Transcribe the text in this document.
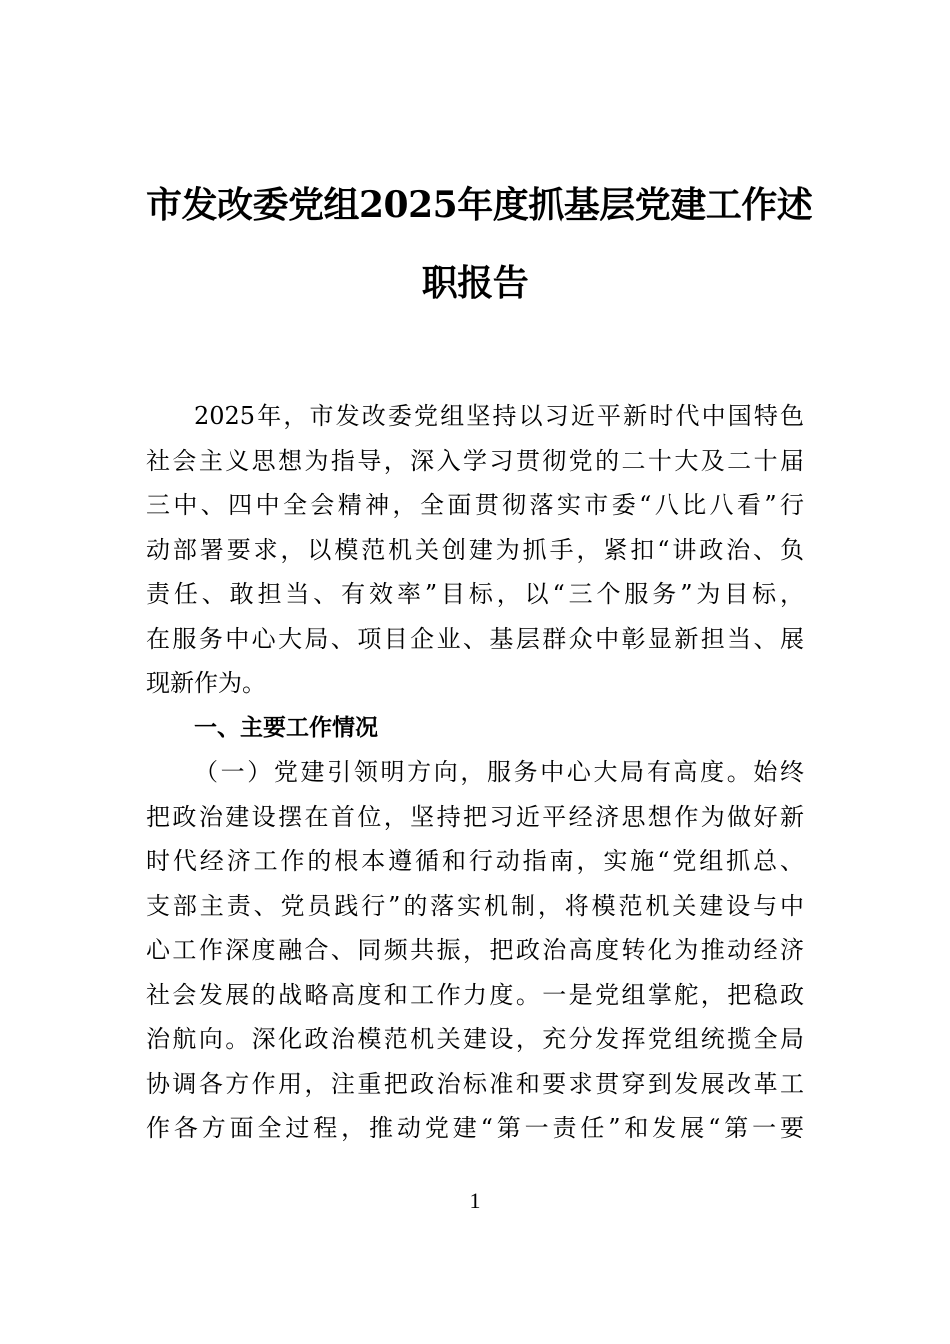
市发改委党组2025年度抓基层党建工作述
职报告
2025年，市发改委党组坚持以习近平新时代中国特色
社会主义思想为指导，深入学习贯彻党的二十大及二十届
三中、四中全会精神，全面贯彻落实市委“八比八看”行
动部署要求，以模范机关创建为抓手，紧扣“讲政治、负
责任、敢担当、有效率”目标，以“三个服务”为目标，
在服务中心大局、项目企业、基层群众中彰显新担当、展
现新作为。
一、主要工作情况
（一）党建引领明方向，服务中心大局有高度。始终
把政治建设摆在首位，坚持把习近平经济思想作为做好新
时代经济工作的根本遵循和行动指南，实施“党组抓总、
支部主责、党员践行”的落实机制，将模范机关建设与中
心工作深度融合、同频共振，把政治高度转化为推动经济
社会发展的战略高度和工作力度。一是党组掌舵，把稳政
治航向。深化政治模范机关建设，充分发挥党组统揽全局
协调各方作用，注重把政治标准和要求贯穿到发展改革工
作各方面全过程，推动党建“第一责任”和发展“第一要
1
